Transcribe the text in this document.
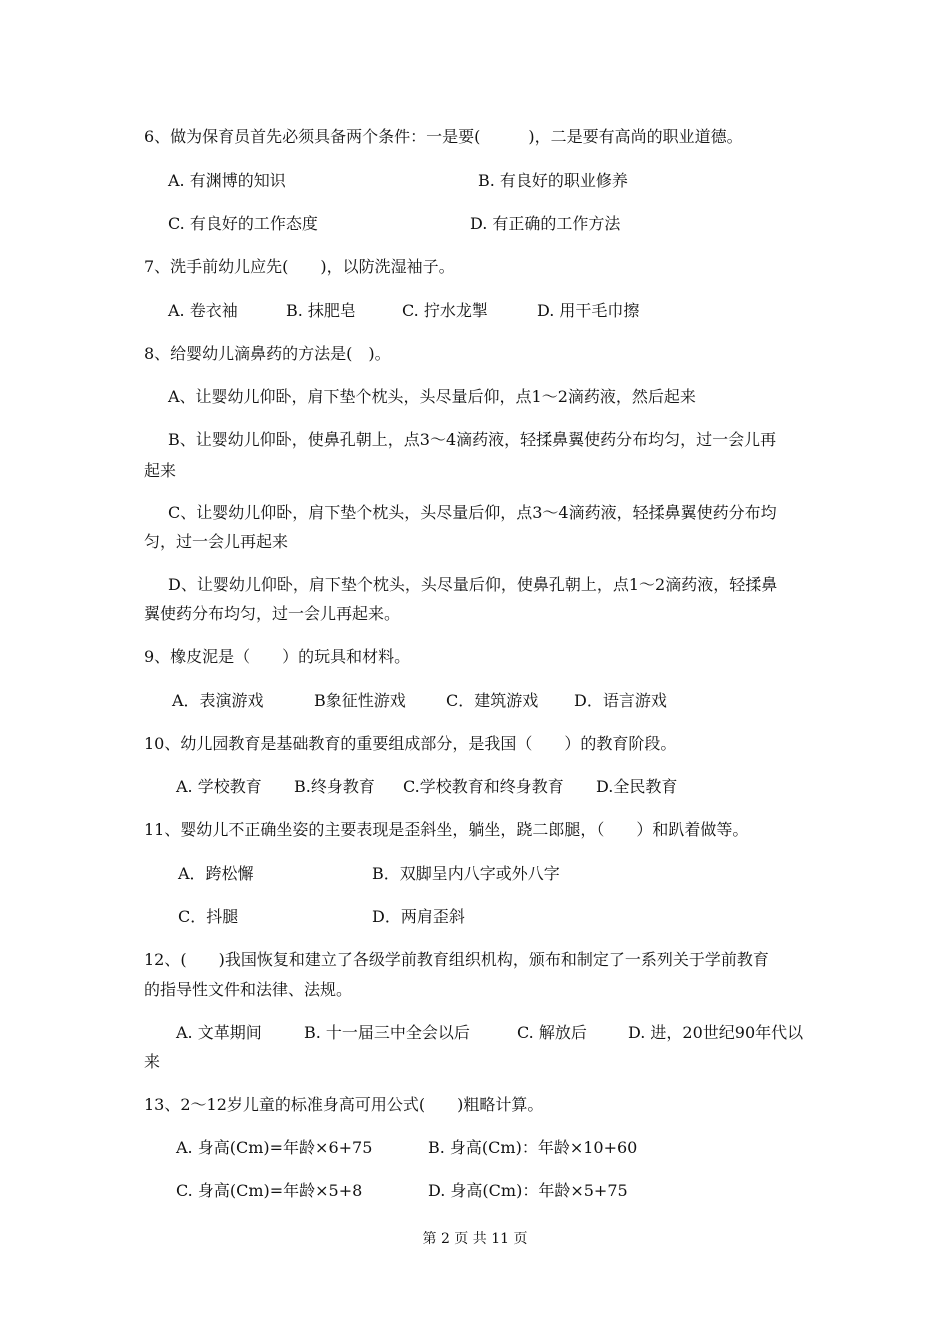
6、做为保育员首先必须具备两个条件：一是要(　　　)，二是要有高尚的职业道德。
A. 有渊博的知识	B. 有良好的职业修养
C. 有良好的工作态度	D. 有正确的工作方法
7、洗手前幼儿应先(　　)，以防洗湿袖子。
A. 卷衣袖	B. 抹肥皂	C. 拧水龙掣	D. 用干毛巾擦
8、给婴幼儿滴鼻药的方法是(　)。
A、让婴幼儿仰卧，肩下垫个枕头，头尽量后仰，点1～2滴药液，然后起来
B、让婴幼儿仰卧，使鼻孔朝上，点3～4滴药液，轻揉鼻翼使药分布均匀，过一会儿再
起来
C、让婴幼儿仰卧，肩下垫个枕头，头尽量后仰，点3～4滴药液，轻揉鼻翼使药分布均
匀，过一会儿再起来
D、让婴幼儿仰卧，肩下垫个枕头，头尽量后仰，使鼻孔朝上，点1～2滴药液，轻揉鼻
翼使药分布均匀，过一会儿再起来。
9、橡皮泥是（　　）的玩具和材料。
A．表演游戏	B象征性游戏	C．建筑游戏 D．语言游戏
10、幼儿园教育是基础教育的重要组成部分，是我国（　　）的教育阶段。
A. 学校教育 B.终身教育 C.学校教育和终身教育 D.全民教育
11、婴幼儿不正确坐姿的主要表现是歪斜坐，躺坐，跷二郎腿，（　　）和趴着做等。
A．跨松懈	B．双脚呈内八字或外八字
C．抖腿	D．两肩歪斜
12、(　　)我国恢复和建立了各级学前教育组织机构，颁布和制定了一系列关于学前教育
的指导性文件和法律、法规。
A. 文革期间	B. 十一届三中全会以后	C. 解放后	D. 进，20世纪90年代以
来
13、2～12岁儿童的标准身高可用公式(　　)粗略计算。
A. 身高(Cm)=年龄×6+75	B. 身高(Cm)：年龄×10+60
C. 身高(Cm)=年龄×5+8	D. 身高(Cm)：年龄×5+75
第 2 页 共 11 页
